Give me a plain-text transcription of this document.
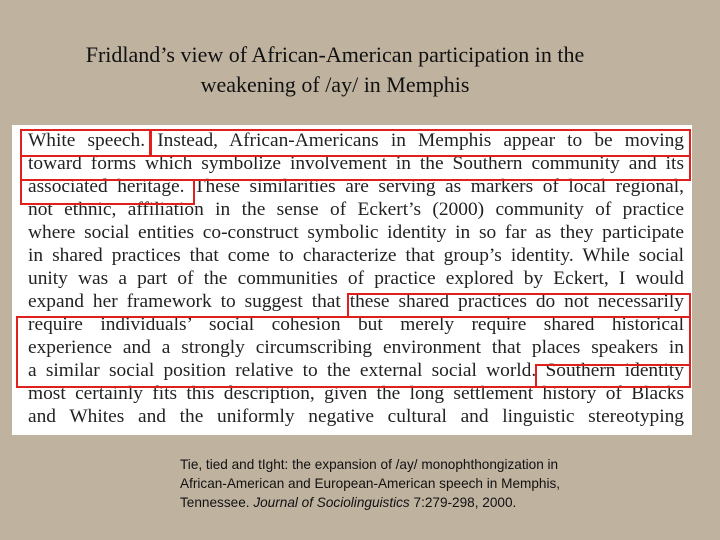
Fridland’s view of African-American participation in the
weakening of /ay/ in Memphis
White speech. Instead, African-Americans in Memphis appear to be moving
toward forms which symbolize involvement in the Southern community and its
associated heritage. These similarities are serving as markers of local regional,
not ethnic, affiliation in the sense of Eckert’s (2000) community of practice
where social entities co-construct symbolic identity in so far as they participate
in shared practices that come to characterize that group’s identity. While social
unity was a part of the communities of practice explored by Eckert, I would
expand her framework to suggest that these shared practices do not necessarily
require individuals’ social cohesion but merely require shared historical
experience and a strongly circumscribing environment that places speakers in
a similar social position relative to the external social world. Southern identity
most certainly fits this description, given the long settlement history of Blacks
and Whites and the uniformly negative cultural and linguistic stereotyping
Tie, tied and tIght: the expansion of /ay/ monophthongization in
African-American and European-American speech in Memphis,
Tennessee. Journal of Sociolinguistics 7:279-298, 2000.
